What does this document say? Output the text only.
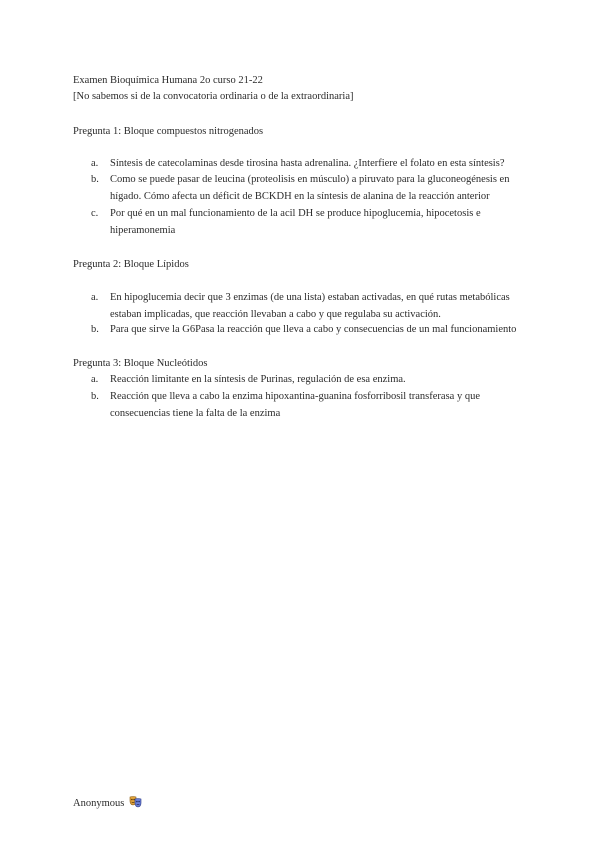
Examen Bioquímica Humana 2o curso 21-22
[No sabemos si de la convocatoria ordinaria o de la extraordinaria]
Pregunta 1: Bloque compuestos nitrogenados
a.	Síntesis de catecolaminas desde tirosina hasta adrenalina. ¿Interfiere el folato en esta síntesis?
b.	Como se puede pasar de leucina (proteolisis en músculo) a piruvato para la gluconeogénesis en hígado. Cómo afecta un déficit de BCKDH en la síntesis de alanina de la reacción anterior
c.	Por qué en un mal funcionamiento de la acil DH se produce hipoglucemia, hipocetosis e hiperamonemia
Pregunta 2: Bloque Lípidos
a.	En hipoglucemia decir que 3 enzimas (de una lista) estaban activadas, en qué rutas metabólicas estaban implicadas, que reacción llevaban a cabo y que regulaba su activación.
b.	Para que sirve la G6Pasa la reacción que lleva a cabo y consecuencias de un mal funcionamiento
Pregunta 3: Bloque Nucleótidos
a.	Reacción limitante en la síntesis de Purinas, regulación de esa enzima.
b.	Reacción que lleva a cabo la enzima hipoxantina-guanina fosforribosil transferasa y que consecuencias tiene la falta de la enzima
Anonymous
